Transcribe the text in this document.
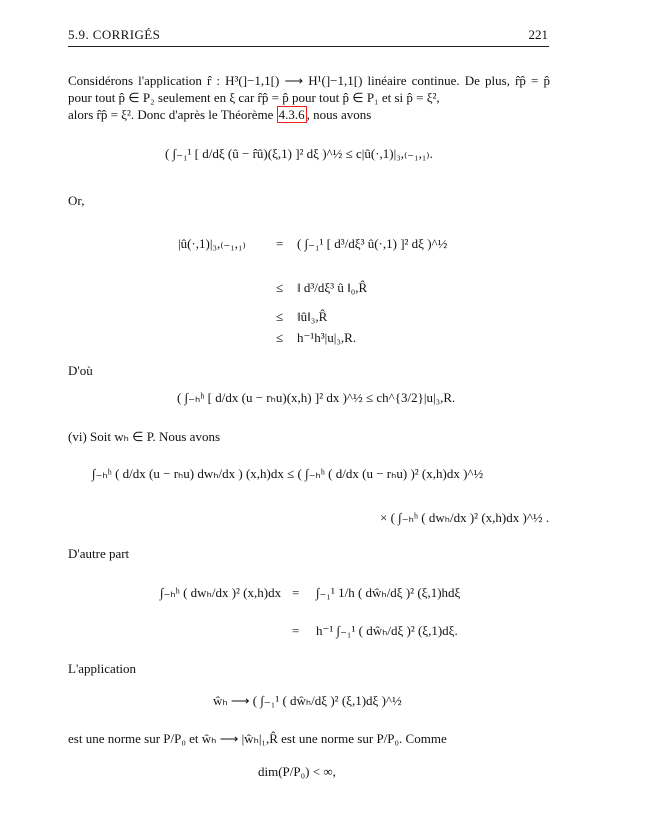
5.9. CORRIGÉS	221
Considérons l'application r̂ : H³(]−1,1[) ⟶ H¹(]−1,1[) linéaire continue. De plus, r̂p̂ = p̂ pour tout p̂ ∈ P₂ seulement en ξ car r̂p̂ = p̂ pour tout p̂ ∈ P₁ et si p̂ = ξ²,
alors r̂p̂ = ξ². Donc d'après le Théorème 4.3.6 , nous avons
( ∫₋₁¹ [ d/dξ (û − r̂û)(ξ,1) ]² dξ )^½ ≤ c|û(·,1)|₃,₍₋₁,₁₎.
Or,
|û(·,1)|₃,₍₋₁,₁₎ = ( ∫₋₁¹ [ d³/dξ³ û(·,1) ]² dξ )^½
≤ ‖ d³/dξ³ û ‖₀,R̂
≤ ‖û‖₃,R̂
≤ h⁻¹h³|u|₃,R.
D'où
( ∫₋ₕʰ [ d/dx (u − rₕu)(x,h) ]² dx )^½ ≤ ch^{3/2}|u|₃,R.
(vi) Soit wₕ ∈ P. Nous avons
∫₋ₕʰ ( d/dx (u − rₕu) dwₕ/dx ) (x,h)dx ≤ ( ∫₋ₕʰ ( d/dx (u − rₕu) )² (x,h)dx )^½
× ( ∫₋ₕʰ ( dwₕ/dx )² (x,h)dx )^½ .
D'autre part
∫₋ₕʰ ( dwₕ/dx )² (x,h)dx = ∫₋₁¹ 1/h ( dŵₕ/dξ )² (ξ,1)hdξ
= h⁻¹ ∫₋₁¹ ( dŵₕ/dξ )² (ξ,1)dξ.
L'application
ŵₕ ⟶ ( ∫₋₁¹ ( dŵₕ/dξ )² (ξ,1)dξ )^½
est une norme sur P/P₀ et ŵₕ ⟶ |ŵₕ|₁,R̂ est une norme sur P/P₀. Comme
dim(P/P₀) < ∞,
